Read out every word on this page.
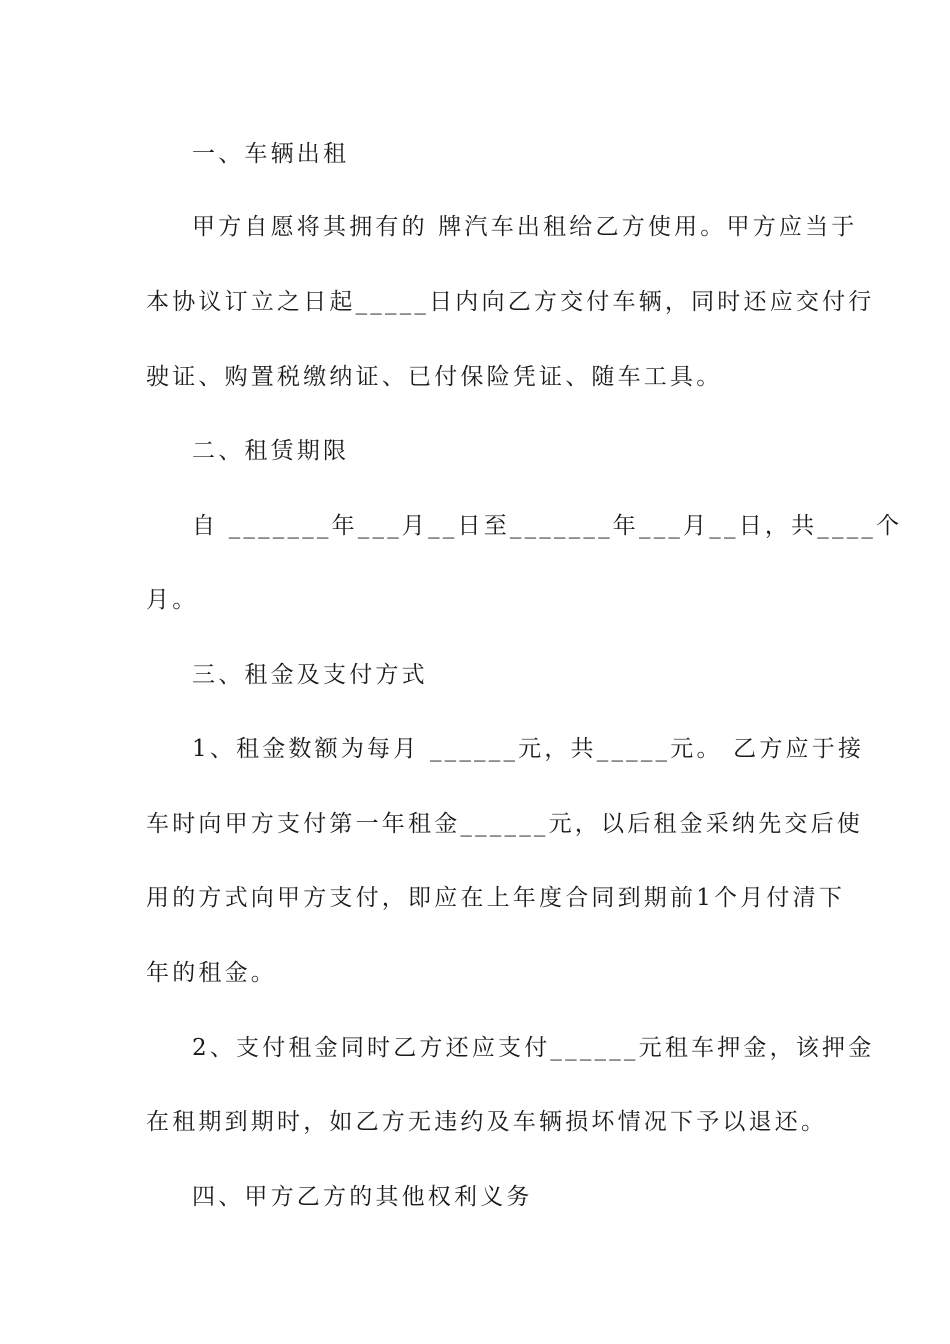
一、车辆出租
甲方自愿将其拥有的 牌汽车出租给乙方使用。甲方应当于
本协议订立之日起_____日内向乙方交付车辆，同时还应交付行
驶证、购置税缴纳证、已付保险凭证、随车工具。
二、租赁期限
自 _______年___月__日至_______年___月__日，共____个
月。
三、租金及支付方式
1、租金数额为每月 ______元，共_____元。 乙方应于接
车时向甲方支付第一年租金______元，以后租金采纳先交后使
用的方式向甲方支付，即应在上年度合同到期前1个月付清下
年的租金。
2、支付租金同时乙方还应支付______元租车押金，该押金
在租期到期时，如乙方无违约及车辆损坏情况下予以退还。
四、甲方乙方的其他权利义务
